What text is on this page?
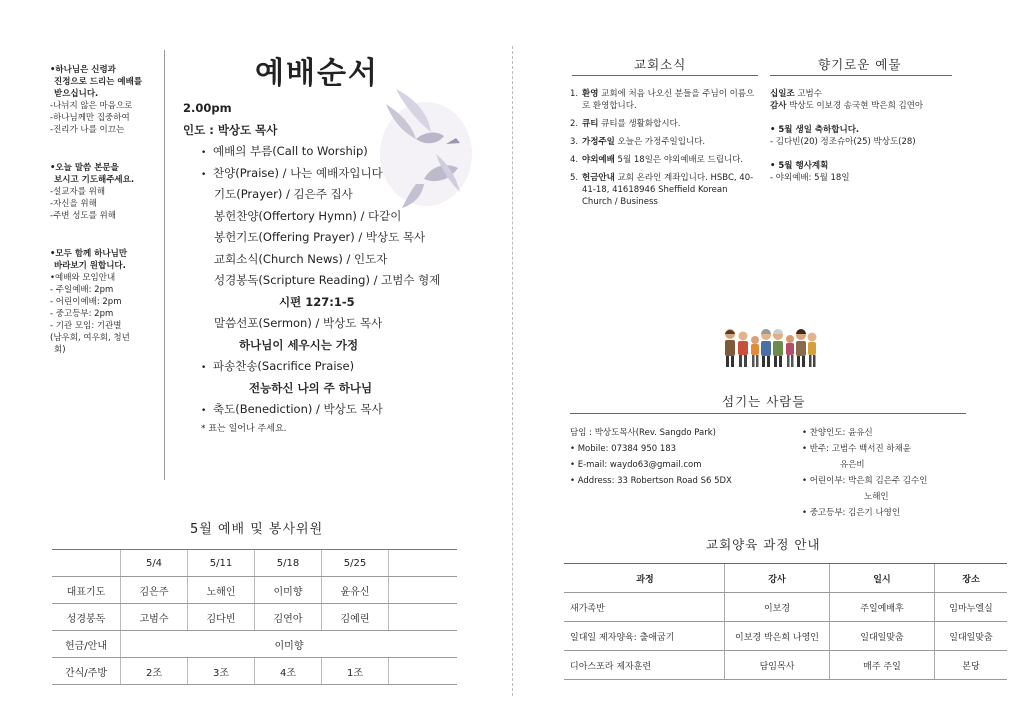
•하나님은 신령과
진정으로 드리는 예배를
받으십니다.
-나뉘지 않은 마음으로
-하나님께만 집중하여
-진리가 나를 이끄는
•오늘 말씀 본문을
보시고 기도해주세요.
-설교자를 위해
-자신을 위해
-주변 성도를 위해
•모두 함께 하나님만
바라보기 원합니다.
•예배와 모임안내
- 주일예배: 2pm
- 어린이예배: 2pm
- 중고등부: 2pm
- 기관 모임: 기관별
(남우회, 여우회, 청년
회)
예배순서
2.00pm
인도 : 박상도 목사
• 예배의 부름(Call to Worship)
• 찬양(Praise) / 나는 예배자입니다
기도(Prayer) / 김은주 집사
봉헌찬양(Offertory Hymn) / 다같이
봉헌기도(Offering Prayer) / 박상도 목사
교회소식(Church News) / 인도자
성경봉독(Scripture Reading) / 고범수 형제
시편 127:1-5
말씀선포(Sermon) / 박상도 목사
하나님이 세우시는 가정
• 파송찬송(Sacrifice Praise)
전능하신 나의 주 하나님
• 축도(Benediction) / 박상도 목사
* 표는 일어나 주세요.
5월 예배 및 봉사위원
	5/4	5/11	5/18	5/25	
대표기도	김은주	노해인	이미향	윤유신	
성경봉독	고범수	김다빈	김연아	김예린	
헌금/안내	이미향				
간식/주방	2조	3조	4조	1조	
교회소식
1. 환영 교회에 처음 나오신 분들을 주님이 이름으로 환영합니다.
2. 큐티 큐티를 생활화합시다.
3. 가정주일 오늘은 가정주일입니다.
4. 야외예배 5월 18일은 야외예배로 드립니다.
5. 헌금안내 교회 온라인 계좌입니다. HSBC, 40-41-18, 41618946 Sheffield Korean Church / Business
향기로운 예물
십일조 고범수
감사 박상도 이보경 송국현 박은희 김연아
• 5월 생일 축하합니다.
- 김다빈(20) 정조슈아(25) 박상도(28)
• 5월 행사계획
- 야외예배: 5월 18일
섬기는 사람들
담임 : 박상도목사(Rev. Sangdo Park)
• Mobile: 07384 950 183
• E-mail: waydo63@gmail.com
• Address: 33 Robertson Road S6 5DX
• 찬양인도: 윤유신
• 반주: 고범수 백서진 하채윤
유은비
• 어린이부: 박은희 김은주 김수인
노해인
• 중고등부: 김은기 나영인
교회양육 과정 안내
과정	강사	일시	장소
새가족반	이보경	주일예배후	임마누엘실
일대일 제자양육: 출애굽기	이보경 박은희 나영인	일대일맞춤	일대일맞춤
디아스포라 제자훈련	담임목사	매주 주일	본당
